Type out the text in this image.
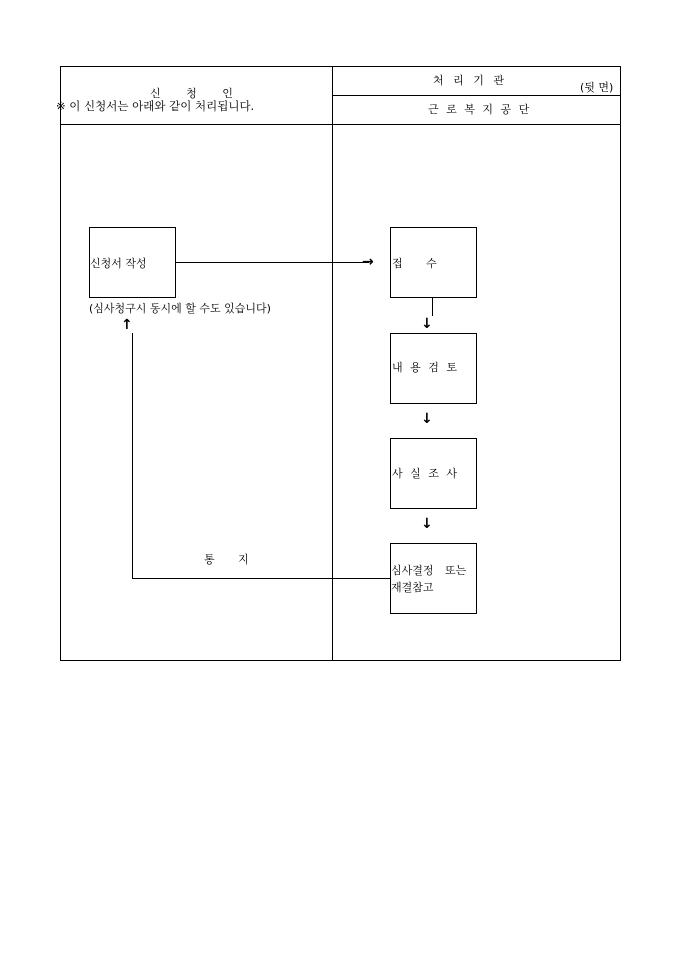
(뒷 면)
신 청 인
※ 이 신청서는 아래와 같이 처리됩니다.
처 리 기 관
근 로 복 지 공 단
신청서 작성
(심사청구시 동시에 할 수도 있습니다)
→ 접 수
↓
내 용 검 토
↓
사 실 조 사
↓
심사결정 또는 재결참고
↑
통 지
